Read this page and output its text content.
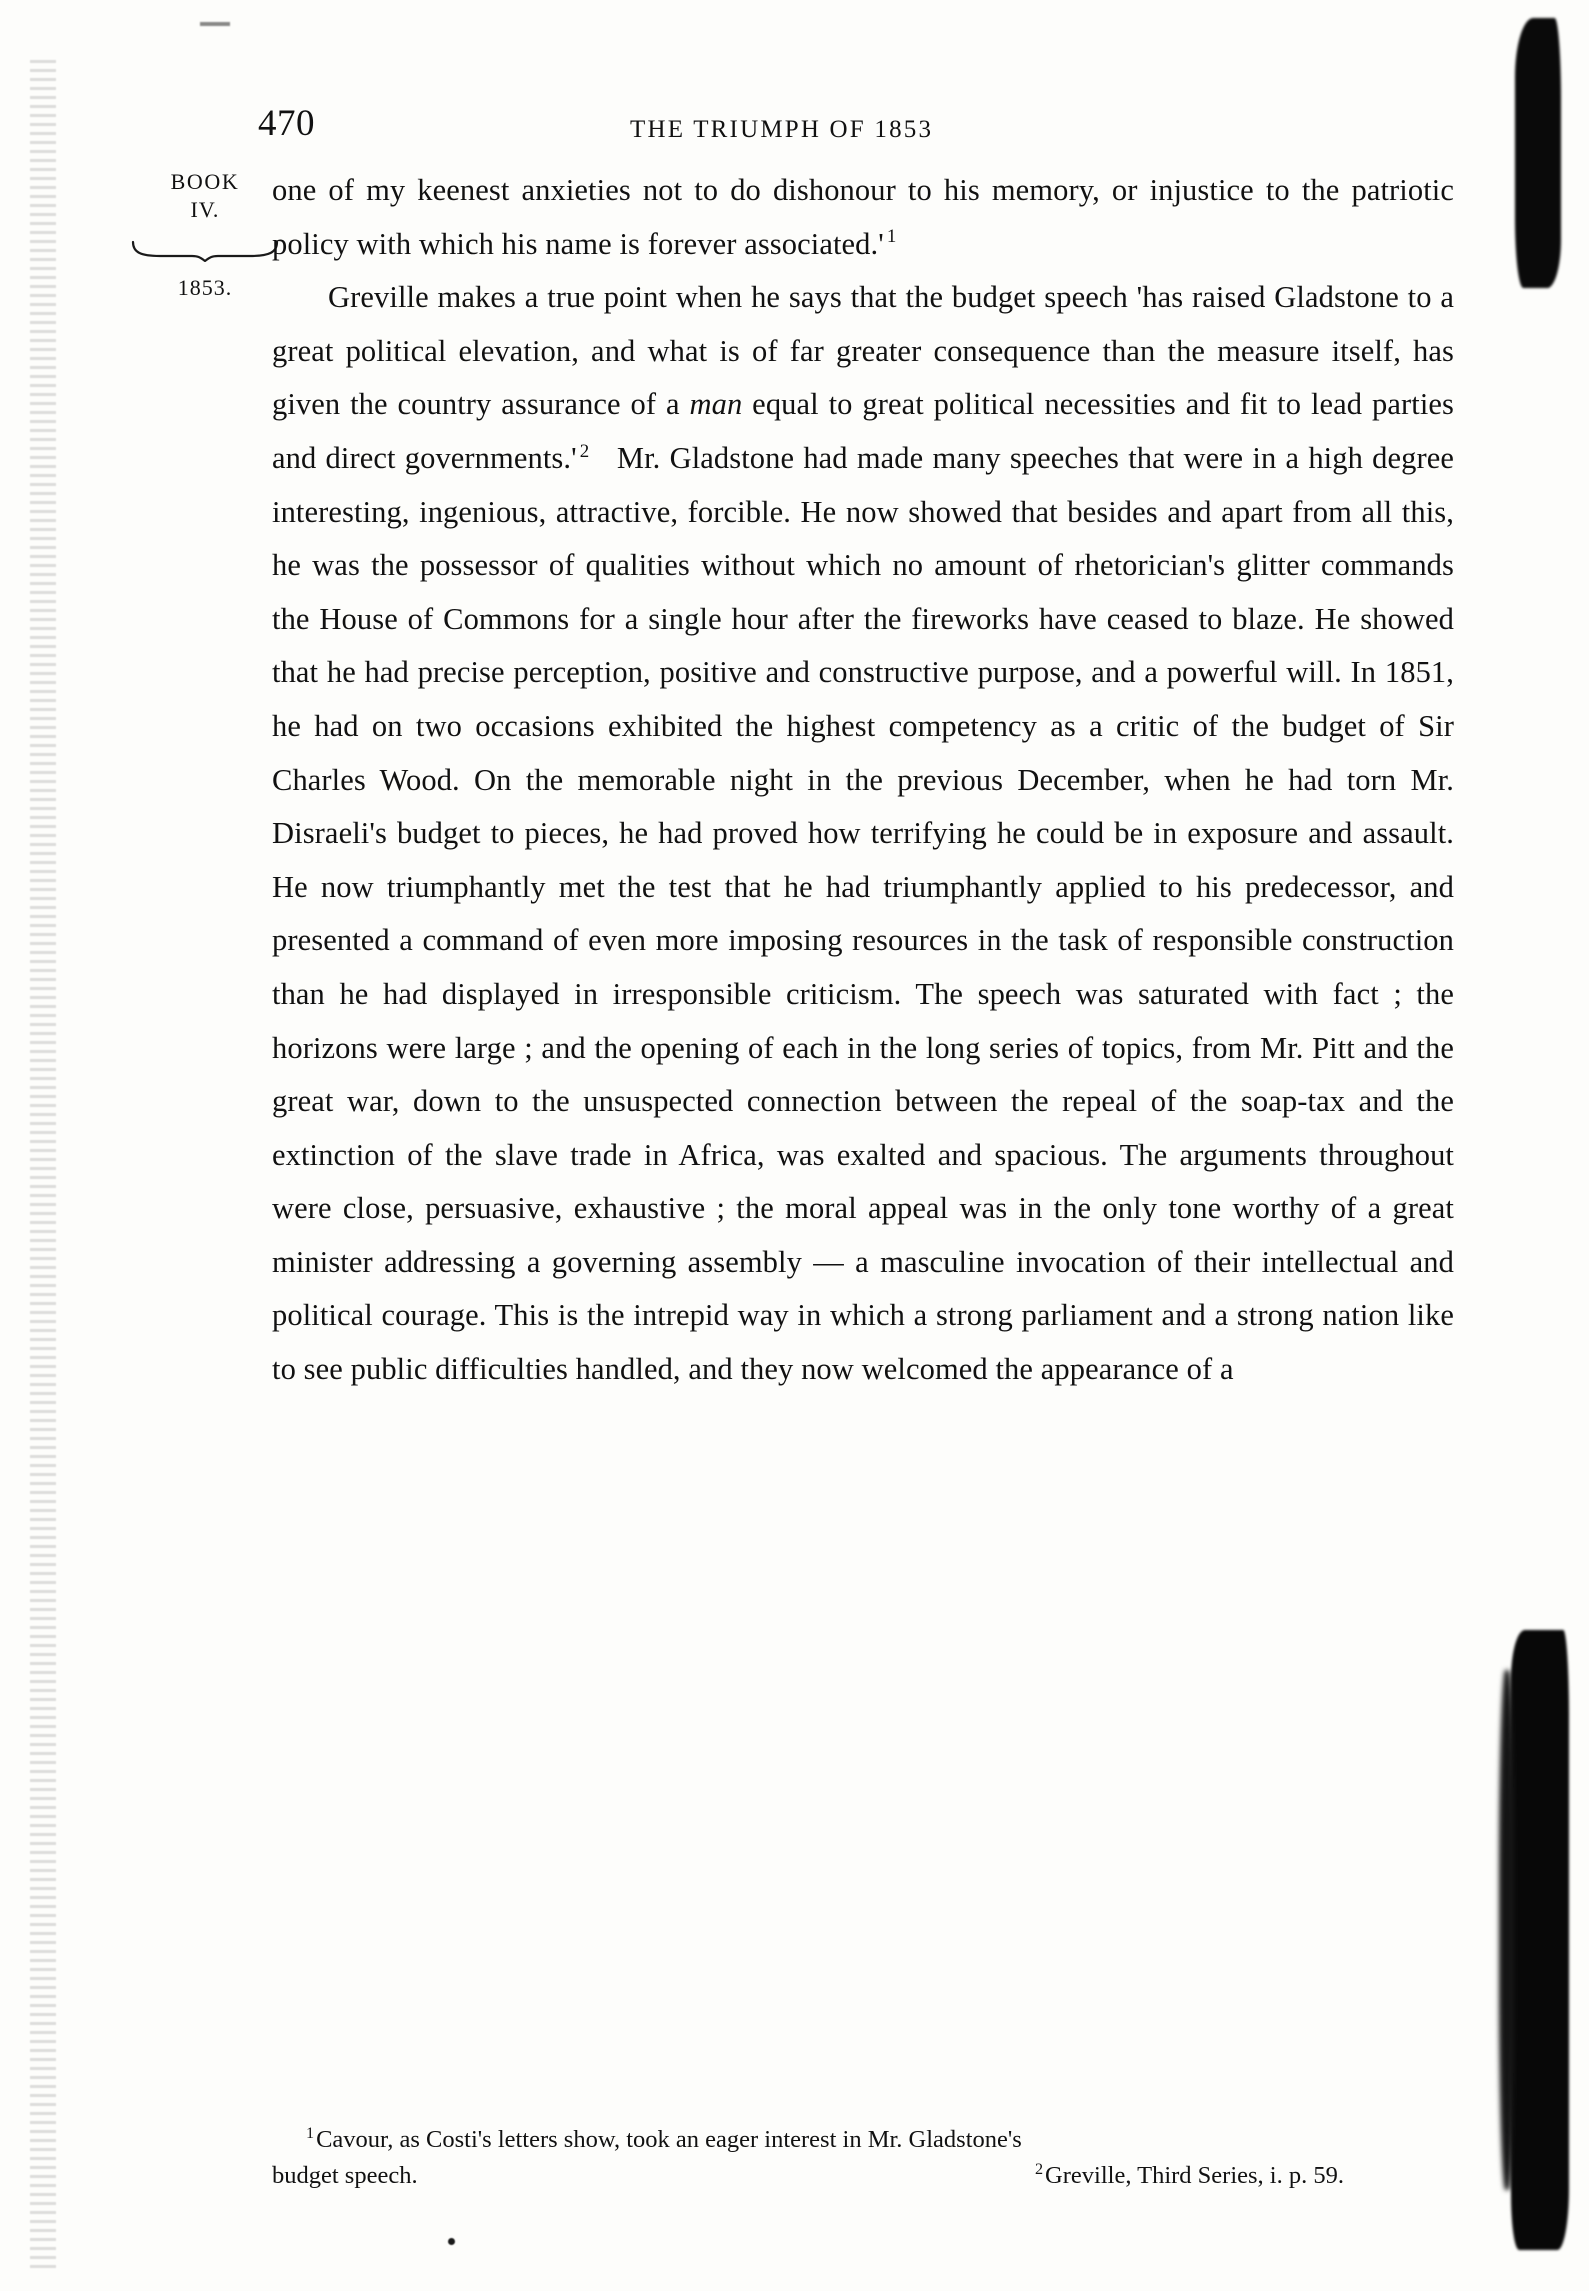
470	THE TRIUMPH OF 1853
BOOK
IV.
1853.

one of my keenest anxieties not to do dishonour to his memory, or injustice to the patriotic policy with which his name is forever associated.' $^1$

Greville makes a true point when he says that the budget speech 'has raised Gladstone to a great political elevation, and what is of far greater consequence than the measure itself, has given the country assurance of a man equal to great political necessities and fit to lead parties and direct governments.' $^2$ Mr. Gladstone had made many speeches that were in a high degree interesting, ingenious, attractive, forcible. He now showed that besides and apart from all this, he was the possessor of qualities without which no amount of rhetorician's glitter commands the House of Commons for a single hour after the fireworks have ceased to blaze. He showed that he had precise perception, positive and constructive purpose, and a powerful will. In 1851, he had on two occasions exhibited the highest competency as a critic of the budget of Sir Charles Wood. On the memorable night in the previous December, when he had torn Mr. Disraeli's budget to pieces, he had proved how terrifying he could be in exposure and assault. He now triumphantly met the test that he had triumphantly applied to his predecessor, and presented a command of even more imposing resources in the task of responsible construction than he had displayed in irresponsible criticism. The speech was saturated with fact ; the horizons were large ; and the opening of each in the long series of topics, from Mr. Pitt and the great war, down to the unsuspected connection between the repeal of the soap-tax and the extinction of the slave trade in Africa, was exalted and spacious. The arguments throughout were close, persuasive, exhaustive ; the moral appeal was in the only tone worthy of a great minister addressing a governing assembly — a masculine invocation of their intellectual and political courage. This is the intrepid way in which a strong parliament and a strong nation like to see public difficulties handled, and they now welcomed the appearance of a

$^1$Cavour, as Costi's letters show, took an eager interest in Mr. Gladstone's
budget speech.	$^2$Greville, Third Series, i. p. 59.
